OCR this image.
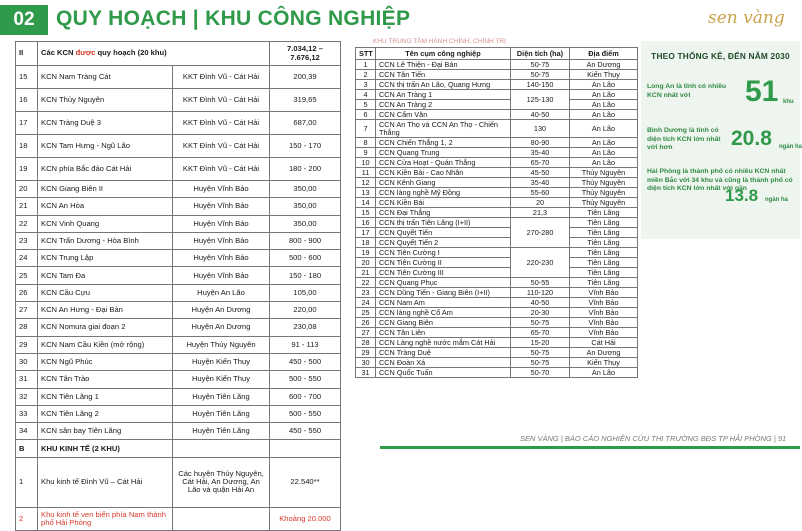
02	QUY HOẠCH | KHU CÔNG NGHIỆP	sen vàng
II	Các KCN được quy hoạch (20 khu)		7.034,12 – 7.676,12
15	KCN Nam Tràng Cát	KKT Đình Vũ - Cát Hải	200,39
16	KCN Thủy Nguyên	KKT Đình Vũ - Cát Hải	319,65
17	KCN Tràng Duệ 3	KKT Đình Vũ - Cát Hải	687,00
18	KCN Tam Hưng - Ngũ Lão	KKT Đình Vũ - Cát Hải	150 - 170
19	KCN phía Bắc đảo Cát Hải	KKT Đình Vũ - Cát Hải	180 - 200
20	KCN Giang Biên II	Huyện Vĩnh Bảo	350,00
21	KCN An Hòa	Huyện Vĩnh Bảo	350,00
22	KCN Vinh Quang	Huyện Vĩnh Bảo	350,00
23	KCN Trấn Dương - Hòa Bình	Huyện Vĩnh Bảo	800 - 900
24	KCN Trung Lập	Huyện Vĩnh Bảo	500 - 600
25	KCN Tam Đa	Huyện Vĩnh Bảo	150 - 180
26	KCN Cầu Cựu	Huyện An Lão	105,00
27	KCN An Hưng - Đại Bản	Huyện An Dương	220,00
28	KCN Nomura giai đoạn 2	Huyện An Dương	230,08
29	KCN Nam Cầu Kiền (mở rộng)	Huyện Thủy Nguyên	91 - 113
30	KCN Ngũ Phúc	Huyện Kiến Thụy	450 - 500
31	KCN Tân Trào	Huyện Kiến Thụy	500 - 550
32	KCN Tiên Lãng 1	Huyện Tiên Lãng	600 - 700
33	KCN Tiên Lãng 2	Huyện Tiên Lãng	500 - 550
34	KCN sân bay Tiên Lãng	Huyện Tiên Lãng	450 - 550
B	KHU KINH TẾ (2 KHU)		
1	Khu kinh tế Đình Vũ – Cát Hải	Các huyện Thủy Nguyên, Cát Hải, An Dương, An Lão và quận Hải An	22.540**
2	Khu kinh tế ven biển phía Nam thành phố Hải Phòng		Khoảng 20.000
KHU TRUNG TÂM HÀNH CHÍNH, CHÍNH TRỊ
STT	Tên cụm công nghiệp	Diện tích (ha)	Địa điểm
1	CCN Lê Thiện - Đại Bản	50-75	An Dương
2	CCN Tân Tiến	50-75	Kiến Thụy
3	CCN thị trấn An Lão, Quang Hưng	140-150	An Lão
4	CCN An Tràng 1	125-130	An Lão
5	CCN An Tràng 2		An Lão
6	CCN Cẩm Văn	40-50	An Lão
7	CCN An Thọ và CCN An Thọ - Chiến Thắng	130	An Lão
8	CCN Chiến Thắng 1, 2	80-90	An Lão
9	CCN Quang Trung	35-40	An Lão
10	CCN Cửa Hoạt - Quán Thắng	65-70	An Lão
11	CCN Kiền Bái - Cao Nhân	45-50	Thủy Nguyên
12	CCN Kênh Giang	35-40	Thủy Nguyên
13	CCN làng nghề Mỹ Đồng	55-60	Thủy Nguyên
14	CCN Kiền Bái	20	Thủy Nguyên
15	CCN Đại Thắng	21,3	Tiên Lãng
16	CCN thị trấn Tiên Lãng (I+II)	270-280	Tiên Lãng
17	CCN Quyết Tiến		Tiên Lãng
18	CCN Quyết Tiến 2		Tiên Lãng
19	CCN Tiên Cường I	220-230	Tiên Lãng
20	CCN Tiên Cường II		Tiên Lãng
21	CCN Tiên Cường III		Tiên Lãng
22	CCN Quang Phục	50-55	Tiên Lãng
23	CCN Dũng Tiến - Giang Biên (I+II)	110-120	Vĩnh Bảo
24	CCN Nam Am	40-50	Vĩnh Bảo
25	CCN làng nghề Cổ Am	20-30	Vĩnh Bảo
26	CCN Giang Biên	50-75	Vĩnh Bảo
27	CCN Tân Liên	65-70	Vĩnh Bảo
28	CCN Làng nghề nước mắm Cát Hải	15-20	Cát Hải
29	CCN Tràng Duệ	50-75	An Dương
30	CCN Đoàn Xá	50-75	Kiến Thụy
31	CCN Quốc Tuấn	50-70	An Lão
THEO THỐNG KÊ, ĐẾN NĂM 2030
Long An là tỉnh có nhiều KCN nhất với	51 khu
Bình Dương là tỉnh có diện tích KCN lớn nhất với hơn	20.8 ngàn ha
Hải Phòng là thành phố có nhiều KCN nhất miền Bắc với 34 khu và cũng là thành phố có diện tích KCN lớn nhất với gần
13.8 ngàn ha
SEN VÀNG | BÁO CÁO NGHIÊN CỨU THỊ TRƯỜNG BĐS TP HẢI PHÒNG | 91
